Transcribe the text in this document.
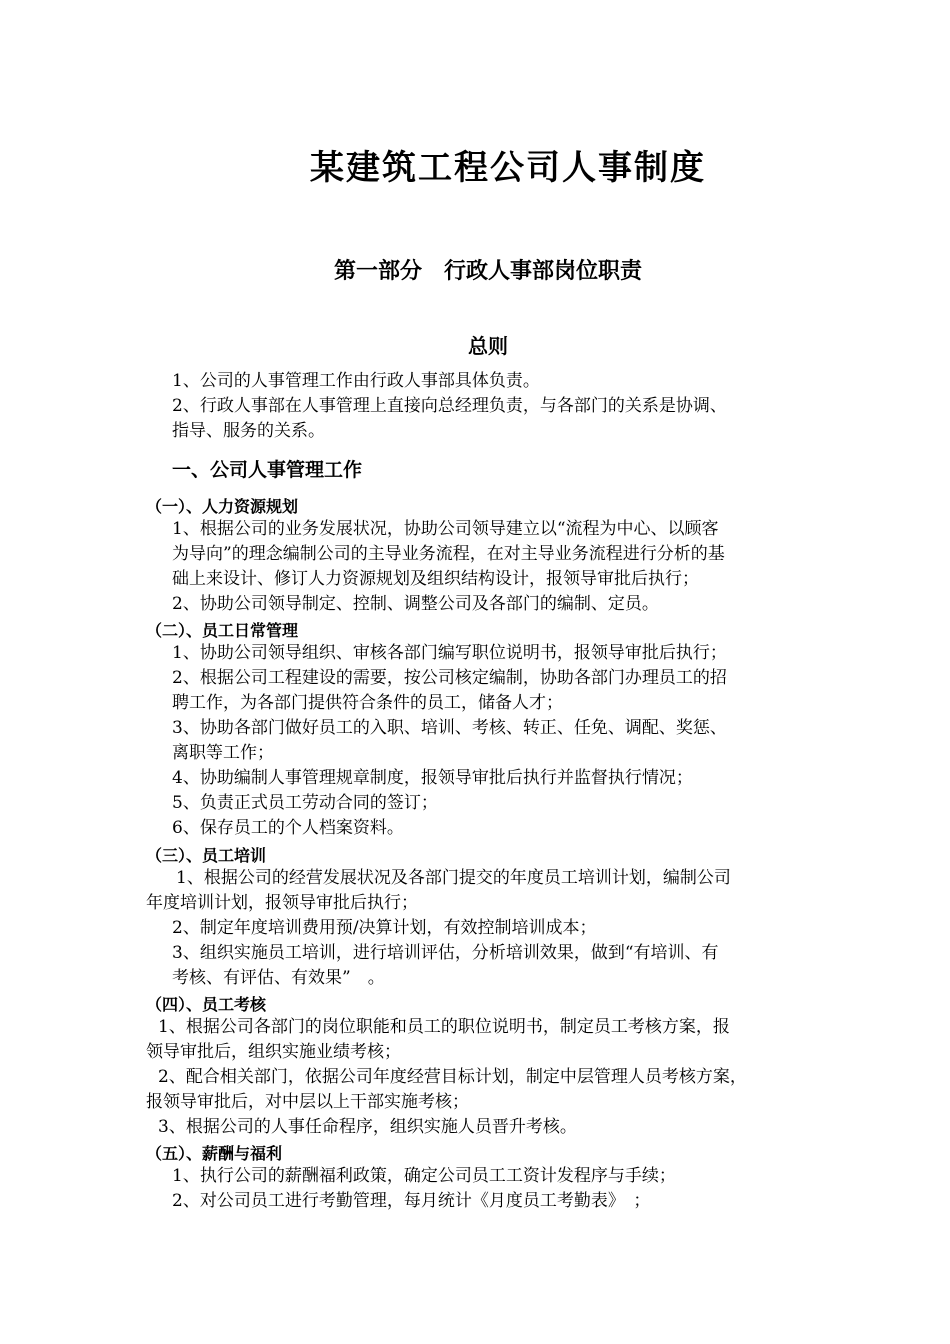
某建筑工程公司人事制度
第一部分　行政人事部岗位职责
总则
1、公司的人事管理工作由行政人事部具体负责。
2、行政人事部在人事管理上直接向总经理负责，与各部门的关系是协调、
指导、服务的关系。
一、公司人事管理工作
（一）、人力资源规划
1、根据公司的业务发展状况，协助公司领导建立以“流程为中心、以顾客
为导向”的理念编制公司的主导业务流程，在对主导业务流程进行分析的基
础上来设计、修订人力资源规划及组织结构设计，报领导审批后执行；
2、协助公司领导制定、控制、调整公司及各部门的编制、定员。
（二）、员工日常管理
1、协助公司领导组织、审核各部门编写职位说明书，报领导审批后执行；
2、根据公司工程建设的需要，按公司核定编制，协助各部门办理员工的招
聘工作，为各部门提供符合条件的员工，储备人才；
3、协助各部门做好员工的入职、培训、考核、转正、任免、调配、奖惩、
离职等工作；
4、协助编制人事管理规章制度，报领导审批后执行并监督执行情况；
5、负责正式员工劳动合同的签订；
6、保存员工的个人档案资料。
（三）、员工培训
1、根据公司的经营发展状况及各部门提交的年度员工培训计划，编制公司
年度培训计划，报领导审批后执行；
2、制定年度培训费用预/决算计划，有效控制培训成本；
3、组织实施员工培训，进行培训评估，分析培训效果，做到“有培训、有
考核、有评估、有效果”　。
（四）、员工考核
1、根据公司各部门的岗位职能和员工的职位说明书，制定员工考核方案，报
领导审批后，组织实施业绩考核；
2、配合相关部门，依据公司年度经营目标计划，制定中层管理人员考核方案，
报领导审批后，对中层以上干部实施考核；
3、根据公司的人事任命程序，组织实施人员晋升考核。
（五）、薪酬与福利
1、执行公司的薪酬福利政策，确定公司员工工资计发程序与手续；
2、对公司员工进行考勤管理，每月统计《月度员工考勤表》　；
